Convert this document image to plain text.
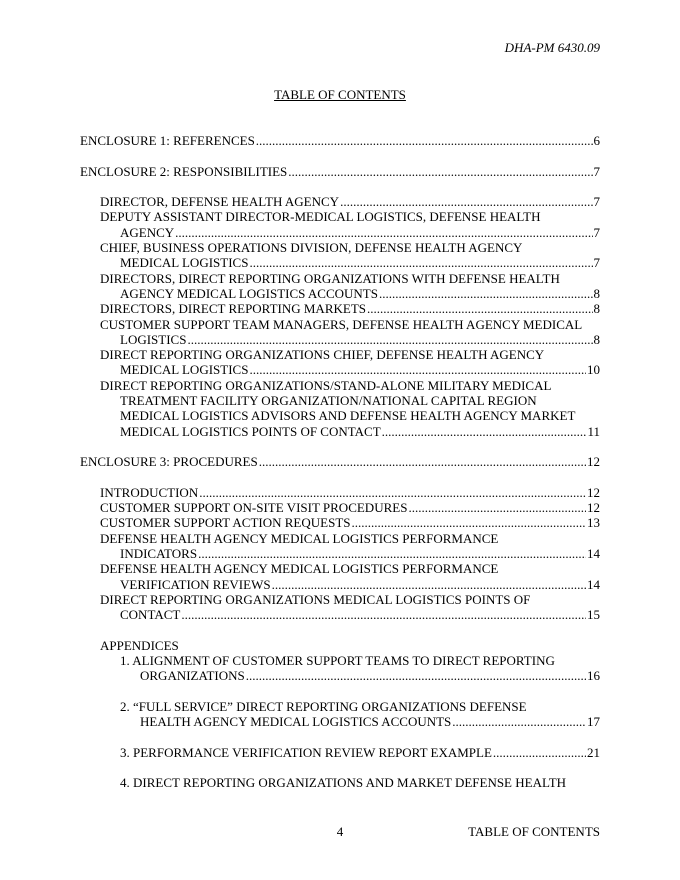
DHA-PM 6430.09
TABLE OF CONTENTS
ENCLOSURE 1: REFERENCES .....	6
ENCLOSURE 2: RESPONSIBILITIES .....	7
DIRECTOR, DEFENSE HEALTH AGENCY .....	7
DEPUTY ASSISTANT DIRECTOR-MEDICAL LOGISTICS, DEFENSE HEALTH
AGENCY .....	7
CHIEF, BUSINESS OPERATIONS DIVISION, DEFENSE HEALTH AGENCY
MEDICAL LOGISTICS .....	7
DIRECTORS, DIRECT REPORTING ORGANIZATIONS WITH DEFENSE HEALTH
AGENCY MEDICAL LOGISTICS ACCOUNTS .....	8
DIRECTORS, DIRECT REPORTING MARKETS .....	8
CUSTOMER SUPPORT TEAM MANAGERS, DEFENSE HEALTH AGENCY MEDICAL
LOGISTICS .....	8
DIRECT REPORTING ORGANIZATIONS CHIEF, DEFENSE HEALTH AGENCY
MEDICAL LOGISTICS .....	10
DIRECT REPORTING ORGANIZATIONS/STAND-ALONE MILITARY MEDICAL
TREATMENT FACILITY ORGANIZATION/NATIONAL CAPITAL REGION
MEDICAL LOGISTICS ADVISORS AND DEFENSE HEALTH AGENCY MARKET
MEDICAL LOGISTICS POINTS OF CONTACT .....	11
ENCLOSURE 3: PROCEDURES .....	12
INTRODUCTION .....	12
CUSTOMER SUPPORT ON-SITE VISIT PROCEDURES .....	12
CUSTOMER SUPPORT ACTION REQUESTS .....	13
DEFENSE HEALTH AGENCY MEDICAL LOGISTICS PERFORMANCE
INDICATORS .....	14
DEFENSE HEALTH AGENCY MEDICAL LOGISTICS PERFORMANCE
VERIFICATION REVIEWS .....	14
DIRECT REPORTING ORGANIZATIONS MEDICAL LOGISTICS POINTS OF
CONTACT .....	15
APPENDICES
1. ALIGNMENT OF CUSTOMER SUPPORT TEAMS TO DIRECT REPORTING
ORGANIZATIONS .....	16
2. “FULL SERVICE” DIRECT REPORTING ORGANIZATIONS DEFENSE
HEALTH AGENCY MEDICAL LOGISTICS ACCOUNTS .....	17
3. PERFORMANCE VERIFICATION REVIEW REPORT EXAMPLE .....	21
4. DIRECT REPORTING ORGANIZATIONS AND MARKET DEFENSE HEALTH
4	TABLE OF CONTENTS
